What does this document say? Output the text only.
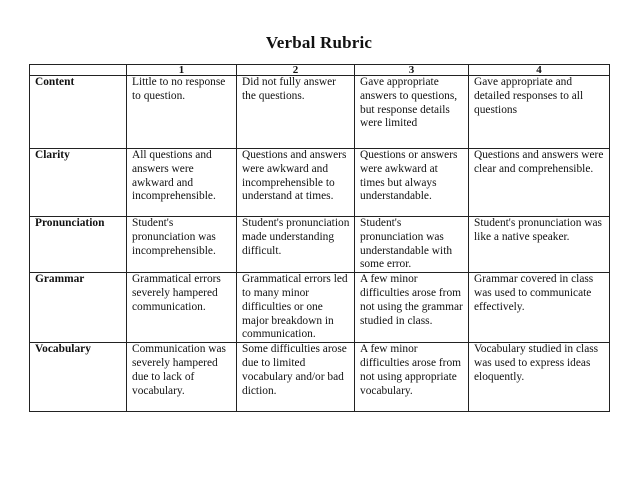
Verbal Rubric
	1	2	3	4
Content	Little to no response to question.	Did not fully answer the questions.	Gave appropriate answers to questions, but response details were limited	Gave appropriate and detailed responses to all questions
Clarity	All questions and answers were awkward and incomprehensible.	Questions and answers were awkward and incomprehensible to understand at times.	Questions or answers were awkward at times but always understandable.	Questions and answers were clear and comprehensible.
Pronunciation	Student's pronunciation was incomprehensible.	Student's pronunciation made understanding difficult.	Student's pronunciation was understandable with some error.	Student's pronunciation was like a native speaker.
Grammar	Grammatical errors severely hampered communication.	Grammatical errors led to many minor difficulties or one major breakdown in communication.	A few minor difficulties arose from not using the grammar studied in class.	Grammar covered in class was used to communicate effectively.
Vocabulary	Communication was severely hampered due to lack of vocabulary.	Some difficulties arose due to limited vocabulary and/or bad diction.	A few minor difficulties arose from not using appropriate vocabulary.	Vocabulary studied in class was used to express ideas eloquently.
